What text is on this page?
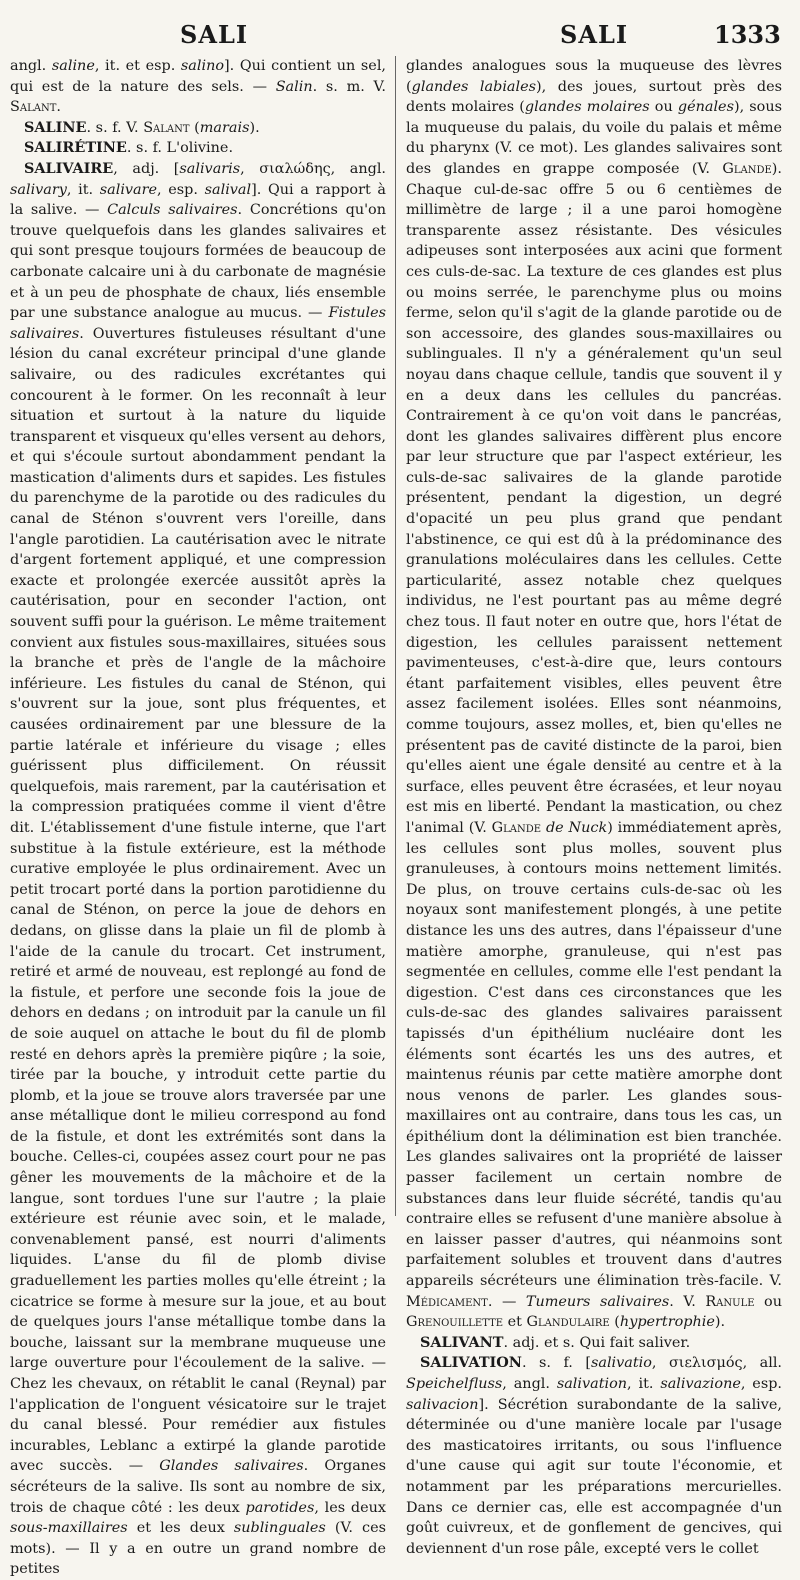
SALI	SALI	1333

angl. saline, it. et esp. salino]. Qui contient un sel, qui est de la nature des sels. — Salin. s. m. V. Salant.

SALINE. s. f. V. Salant (marais).

SALIRÉTINE. s. f. L'olivine.

SALIVAIRE, adj. [salivaris, σιαλώδης, angl. salivary, it. salivare, esp. salival]. Qui a rapport à la salive. — Calculs salivaires. Concrétions qu'on trouve quelquefois dans les glandes salivaires et qui sont presque toujours formées de beaucoup de carbonate calcaire uni à du carbonate de magnésie et à un peu de phosphate de chaux, liés ensemble par une substance analogue au mucus. — Fistules salivaires. Ouvertures fistuleuses résultant d'une lésion du canal excréteur principal d'une glande salivaire, ou des radicules excrétantes qui concourent à le former. On les reconnaît à leur situation et surtout à la nature du liquide transparent et visqueux qu'elles versent au dehors, et qui s'écoule surtout abondamment pendant la mastication d'aliments durs et sapides. Les fistules du parenchyme de la parotide ou des radicules du canal de Sténon s'ouvrent vers l'oreille, dans l'angle parotidien. La cautérisation avec le nitrate d'argent fortement appliqué, et une compression exacte et prolongée exercée aussitôt après la cautérisation, pour en seconder l'action, ont souvent suffi pour la guérison. Le même traitement convient aux fistules sous-maxillaires, situées sous la branche et près de l'angle de la mâchoire inférieure. Les fistules du canal de Sténon, qui s'ouvrent sur la joue, sont plus fréquentes, et causées ordinairement par une blessure de la partie latérale et inférieure du visage ; elles guérissent plus difficilement. On réussit quelquefois, mais rarement, par la cautérisation et la compression pratiquées comme il vient d'être dit. L'établissement d'une fistule interne, que l'art substitue à la fistule extérieure, est la méthode curative employée le plus ordinairement. Avec un petit trocart porté dans la portion parotidienne du canal de Sténon, on perce la joue de dehors en dedans, on glisse dans la plaie un fil de plomb à l'aide de la canule du trocart. Cet instrument, retiré et armé de nouveau, est replongé au fond de la fistule, et perfore une seconde fois la joue de dehors en dedans ; on introduit par la canule un fil de soie auquel on attache le bout du fil de plomb resté en dehors après la première piqûre ; la soie, tirée par la bouche, y introduit cette partie du plomb, et la joue se trouve alors traversée par une anse métallique dont le milieu correspond au fond de la fistule, et dont les extrémités sont dans la bouche. Celles-ci, coupées assez court pour ne pas gêner les mouvements de la mâchoire et de la langue, sont tordues l'une sur l'autre ; la plaie extérieure est réunie avec soin, et le malade, convenablement pansé, est nourri d'aliments liquides. L'anse du fil de plomb divise graduellement les parties molles qu'elle étreint ; la cicatrice se forme à mesure sur la joue, et au bout de quelques jours l'anse métallique tombe dans la bouche, laissant sur la membrane muqueuse une large ouverture pour l'écoulement de la salive. — Chez les chevaux, on rétablit le canal (Reynal) par l'application de l'onguent vésicatoire sur le trajet du canal blessé. Pour remédier aux fistules incurables, Leblanc a extirpé la glande parotide avec succès. — Glandes salivaires. Organes sécréteurs de la salive. Ils sont au nombre de six, trois de chaque côté : les deux parotides, les deux sous-maxillaires et les deux sublinguales (V. ces mots). — Il y a en outre un grand nombre de petites

glandes analogues sous la muqueuse des lèvres (glandes labiales), des joues, surtout près des dents molaires (glandes molaires ou génales), sous la muqueuse du palais, du voile du palais et même du pharynx (V. ce mot). Les glandes salivaires sont des glandes en grappe composée (V. Glande). Chaque cul-de-sac offre 5 ou 6 centièmes de millimètre de large ; il a une paroi homogène transparente assez résistante. Des vésicules adipeuses sont interposées aux acini que forment ces culs-de-sac. La texture de ces glandes est plus ou moins serrée, le parenchyme plus ou moins ferme, selon qu'il s'agit de la glande parotide ou de son accessoire, des glandes sous-maxillaires ou sublinguales. Il n'y a généralement qu'un seul noyau dans chaque cellule, tandis que souvent il y en a deux dans les cellules du pancréas. Contrairement à ce qu'on voit dans le pancréas, dont les glandes salivaires diffèrent plus encore par leur structure que par l'aspect extérieur, les culs-de-sac salivaires de la glande parotide présentent, pendant la digestion, un degré d'opacité un peu plus grand que pendant l'abstinence, ce qui est dû à la prédominance des granulations moléculaires dans les cellules. Cette particularité, assez notable chez quelques individus, ne l'est pourtant pas au même degré chez tous. Il faut noter en outre que, hors l'état de digestion, les cellules paraissent nettement pavimenteuses, c'est-à-dire que, leurs contours étant parfaitement visibles, elles peuvent être assez facilement isolées. Elles sont néanmoins, comme toujours, assez molles, et, bien qu'elles ne présentent pas de cavité distincte de la paroi, bien qu'elles aient une égale densité au centre et à la surface, elles peuvent être écrasées, et leur noyau est mis en liberté. Pendant la mastication, ou chez l'animal (V. Glande de Nuck) immédiatement après, les cellules sont plus molles, souvent plus granuleuses, à contours moins nettement limités. De plus, on trouve certains culs-de-sac où les noyaux sont manifestement plongés, à une petite distance les uns des autres, dans l'épaisseur d'une matière amorphe, granuleuse, qui n'est pas segmentée en cellules, comme elle l'est pendant la digestion. C'est dans ces circonstances que les culs-de-sac des glandes salivaires paraissent tapissés d'un épithélium nucléaire dont les éléments sont écartés les uns des autres, et maintenus réunis par cette matière amorphe dont nous venons de parler. Les glandes sous-maxillaires ont au contraire, dans tous les cas, un épithélium dont la délimination est bien tranchée. Les glandes salivaires ont la propriété de laisser passer facilement un certain nombre de substances dans leur fluide sécrété, tandis qu'au contraire elles se refusent d'une manière absolue à en laisser passer d'autres, qui néanmoins sont parfaitement solubles et trouvent dans d'autres appareils sécréteurs une élimination très-facile. V. Médicament. — Tumeurs salivaires. V. Ranule ou Grenouillette et Glandulaire (hypertrophie).

SALIVANT. adj. et s. Qui fait saliver.

SALIVATION. s. f. [salivatio, σιελισμός, all. Speichelfluss, angl. salivation, it. salivazione, esp. salivacion]. Sécrétion surabondante de la salive, déterminée ou d'une manière locale par l'usage des masticatoires irritants, ou sous l'influence d'une cause qui agit sur toute l'économie, et notamment par les préparations mercurielles. Dans ce dernier cas, elle est accompagnée d'un goût cuivreux, et de gonflement de gencives, qui deviennent d'un rose pâle, excepté vers le collet
